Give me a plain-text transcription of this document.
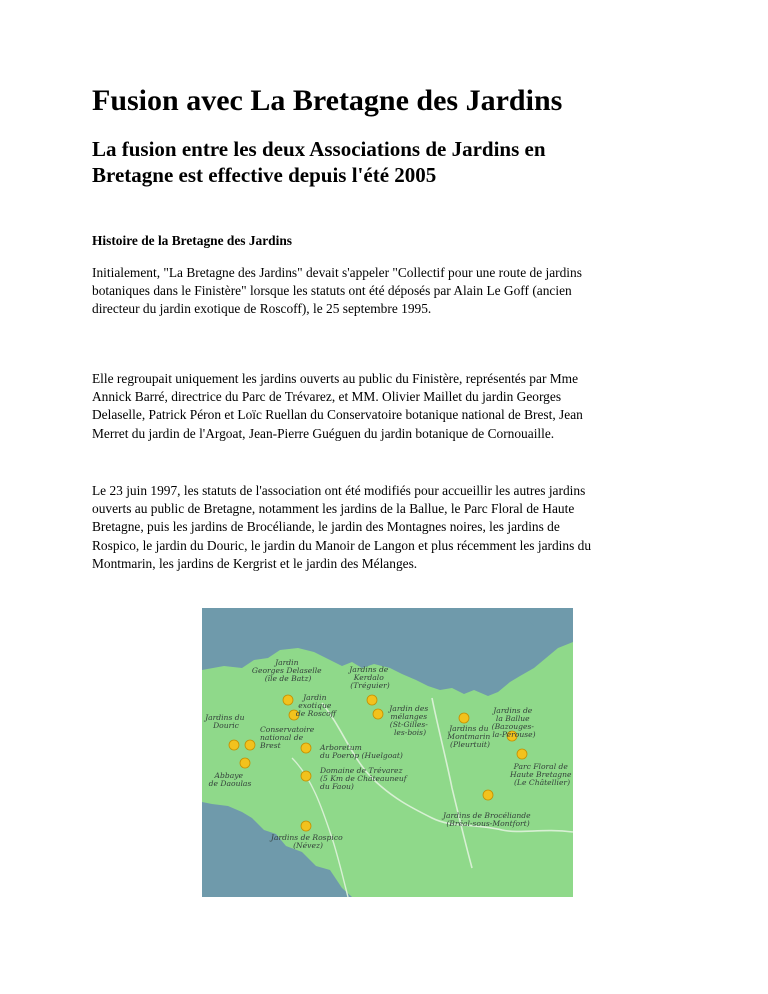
Fusion avec La Bretagne des Jardins
La fusion entre les deux Associations de Jardins en
Bretagne est effective depuis l'été 2005

Histoire de la Bretagne des Jardins

Initialement, "La Bretagne des Jardins" devait s'appeler "Collectif pour une route de jardins
botaniques dans le Finistère" lorsque les statuts ont été déposés par Alain Le Goff (ancien
directeur du jardin exotique de Roscoff), le 25 septembre 1995.

Elle regroupait uniquement les jardins ouverts au public du Finistère, représentés par Mme
Annick Barré, directrice du Parc de Trévarez, et MM. Olivier Maillet du jardin Georges
Delaselle, Patrick Péron et Loïc Ruellan du Conservatoire botanique national de Brest, Jean
Merret du jardin de l'Argoat, Jean-Pierre Guéguen du jardin botanique de Cornouaille.

Le 23 juin 1997, les statuts de l'association ont été modifiés pour accueillir les autres jardins
ouverts au public de Bretagne, notamment les jardins de la Ballue, le Parc Floral de Haute
Bretagne, puis les jardins de Brocéliande, le jardin des Montagnes noires, les jardins de
Rospico, le jardin du Douric, le jardin du Manoir de Langon et plus récemment les jardins du
Montmarin, les jardins de Kergrist et le jardin des Mélanges.

Jardin Georges Delaselle (île de Batz)
Jardins de Kerdalo (Tréguier)
Jardin exotique de Roscoff
Jardin des mélanges (St-Gilles- les-bois)
Jardins du Douric	Conservatoire national de Brest	Arboretum du Poerop (Huelgoat)
Abbaye de Daoulas
Domaine de Trévarez (5 Km de Châteauneuf du Faou)
Jardins de la Ballue (Bazouges- la-Pérouse)
Jardins du Montmarin (Pleurtuit)
Parc Floral de Haute Bretagne (Le Châtellier)
Jardins de Brocéliande (Bréal-sous-Montfort)
Jardins de Rospico (Névez)
